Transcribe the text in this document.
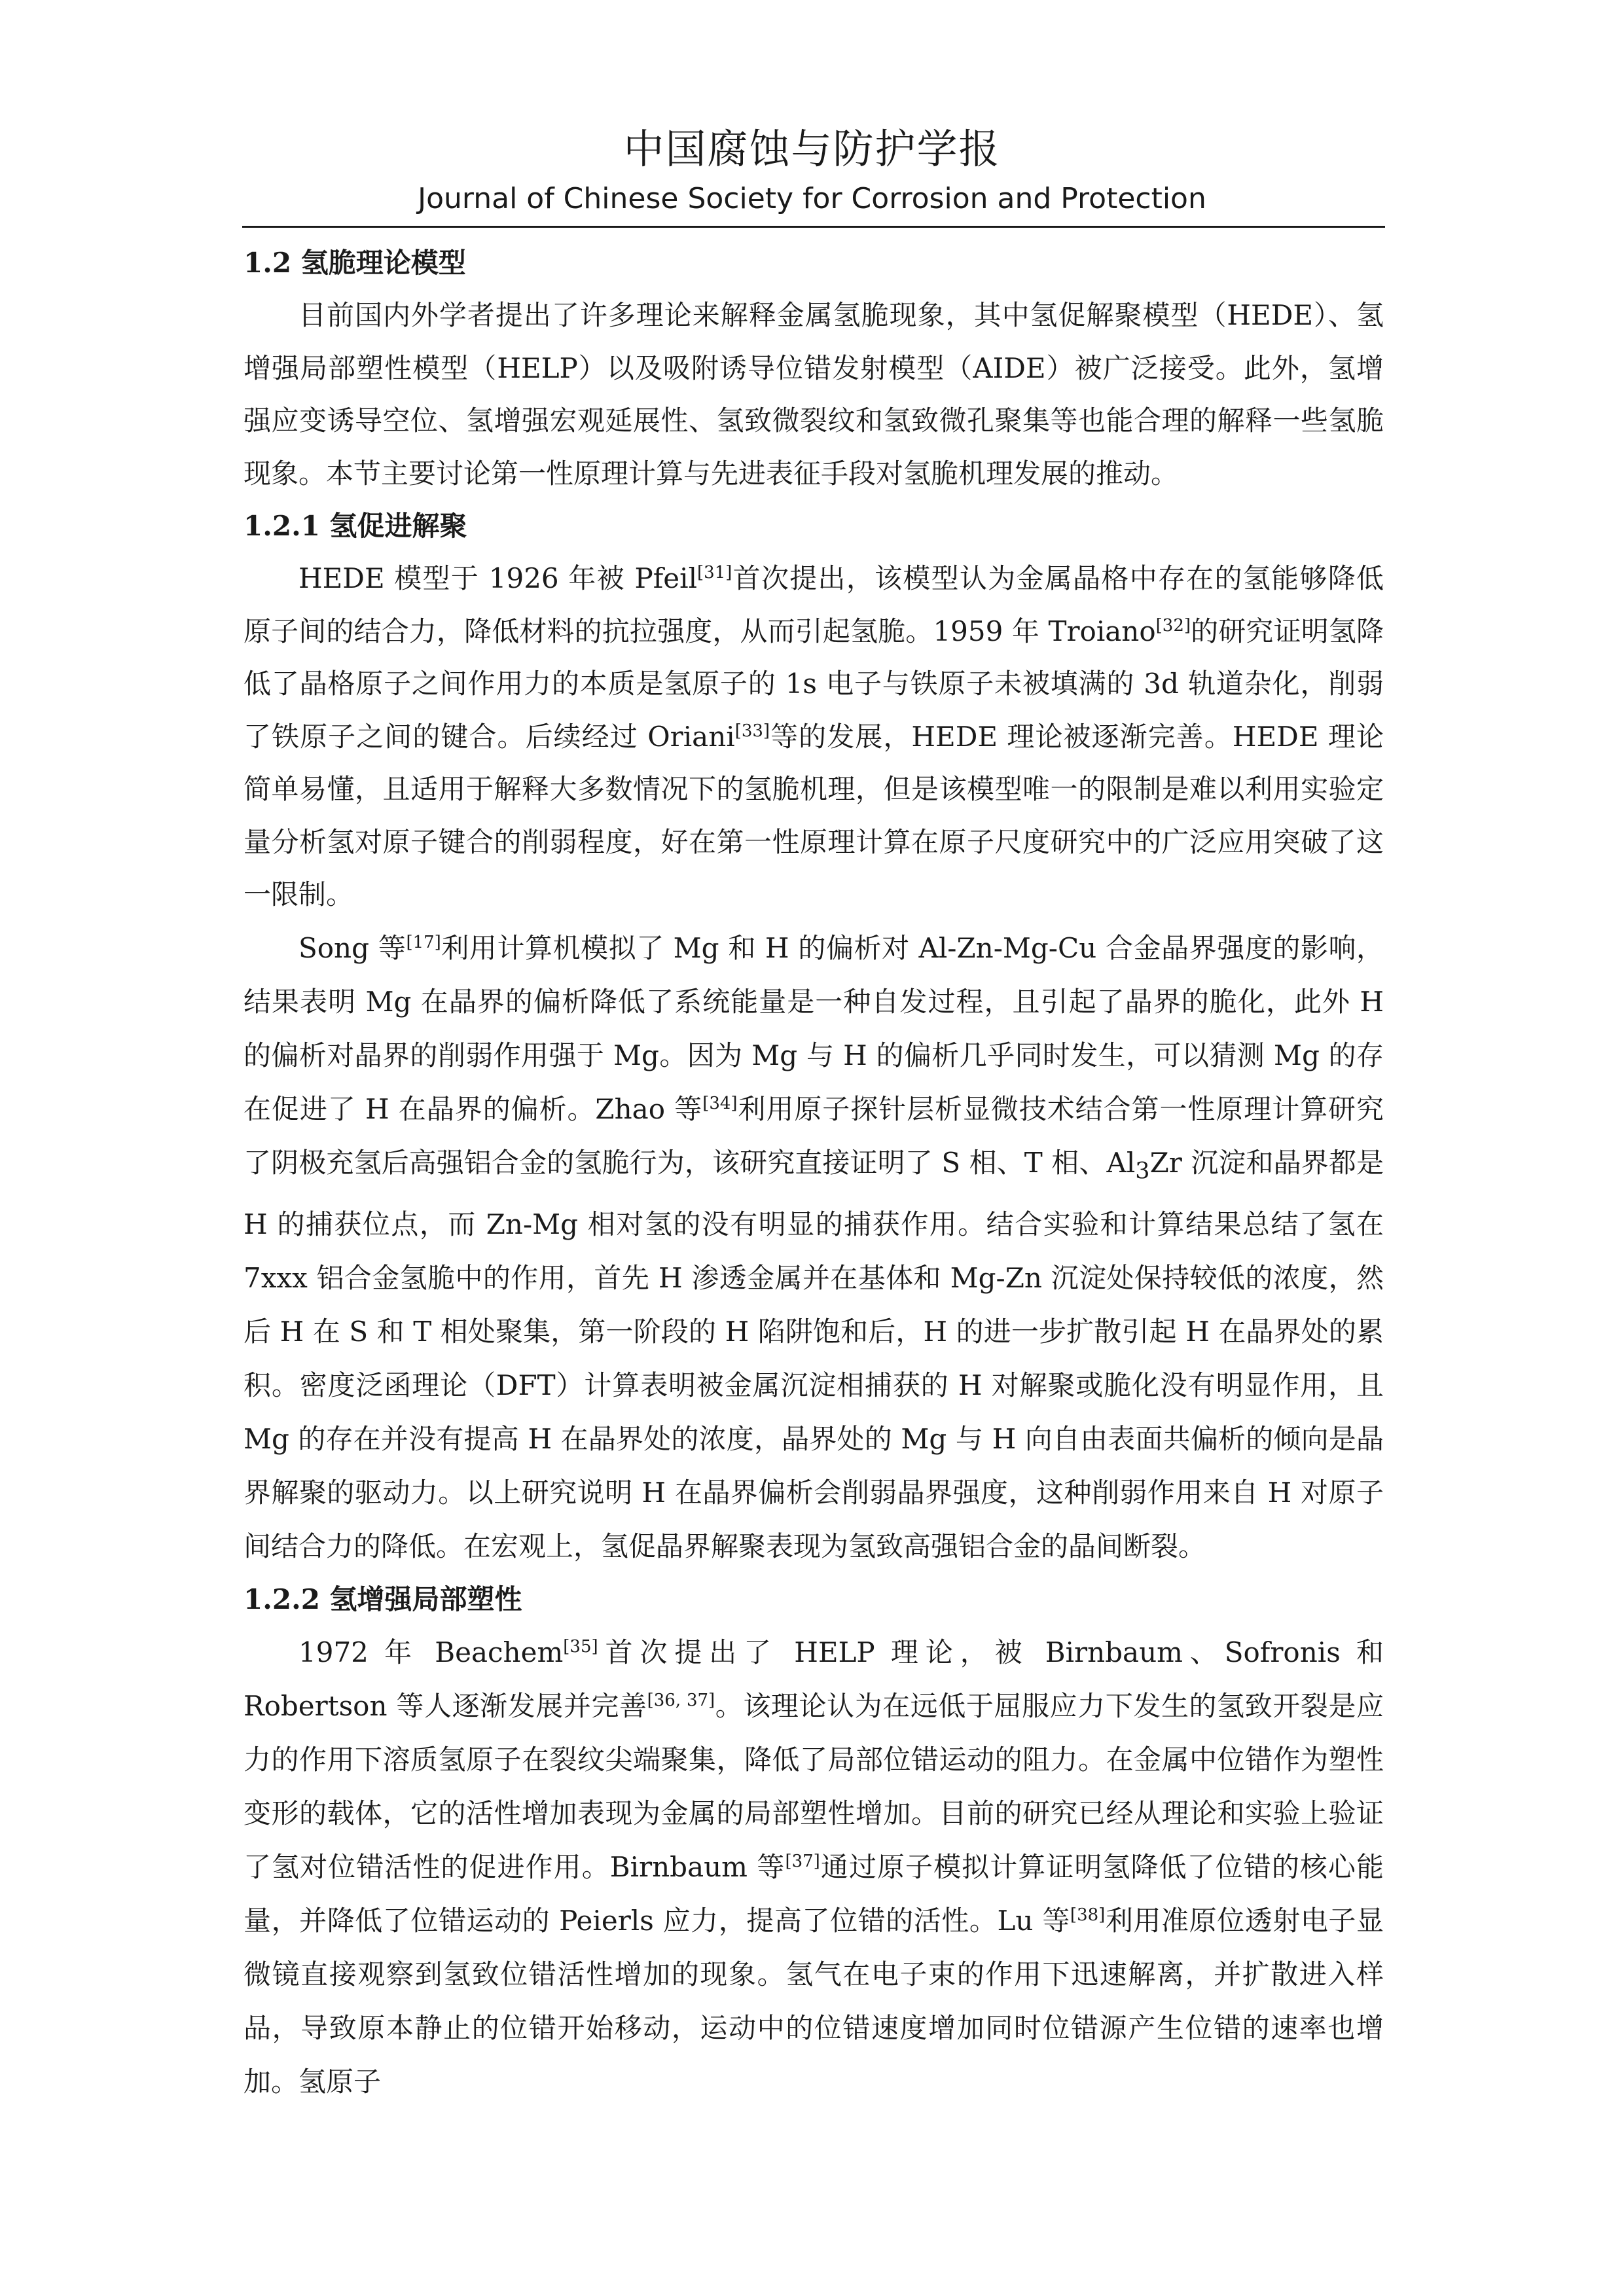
中国腐蚀与防护学报
Journal of Chinese Society for Corrosion and Protection
1.2 氢脆理论模型

目前国内外学者提出了许多理论来解释金属氢脆现象，其中氢促解聚模型（HEDE）、氢增强局部塑性模型（HELP）以及吸附诱导位错发射模型（AIDE）被广泛接受。此外，氢增强应变诱导空位、氢增强宏观延展性、氢致微裂纹和氢致微孔聚集等也能合理的解释一些氢脆现象。本节主要讨论第一性原理计算与先进表征手段对氢脆机理发展的推动。

1.2.1 氢促进解聚

HEDE 模型于 1926 年被 Pfeil[31]首次提出，该模型认为金属晶格中存在的氢能够降低原子间的结合力，降低材料的抗拉强度，从而引起氢脆。1959 年 Troiano[32]的研究证明氢降低了晶格原子之间作用力的本质是氢原子的 1s 电子与铁原子未被填满的 3d 轨道杂化，削弱了铁原子之间的键合。后续经过 Oriani[33]等的发展，HEDE 理论被逐渐完善。HEDE 理论简单易懂，且适用于解释大多数情况下的氢脆机理，但是该模型唯一的限制是难以利用实验定量分析氢对原子键合的削弱程度，好在第一性原理计算在原子尺度研究中的广泛应用突破了这一限制。

Song 等[17]利用计算机模拟了 Mg 和 H 的偏析对 Al-Zn-Mg-Cu 合金晶界强度的影响，结果表明 Mg 在晶界的偏析降低了系统能量是一种自发过程，且引起了晶界的脆化，此外 H 的偏析对晶界的削弱作用强于 Mg。因为 Mg 与 H 的偏析几乎同时发生，可以猜测 Mg 的存在促进了 H 在晶界的偏析。Zhao 等[34]利用原子探针层析显微技术结合第一性原理计算研究了阴极充氢后高强铝合金的氢脆行为，该研究直接证明了 S 相、T 相、$Al_3Zr$ 沉淀和晶界都是 H 的捕获位点，而 Zn-Mg 相对氢的没有明显的捕获作用。结合实验和计算结果总结了氢在 7xxx 铝合金氢脆中的作用，首先 H 渗透金属并在基体和 Mg-Zn 沉淀处保持较低的浓度，然后 H 在 S 和 T 相处聚集，第一阶段的 H 陷阱饱和后，H 的进一步扩散引起 H 在晶界处的累积。密度泛函理论（DFT）计算表明被金属沉淀相捕获的 H 对解聚或脆化没有明显作用，且 Mg 的存在并没有提高 H 在晶界处的浓度，晶界处的 Mg 与 H 向自由表面共偏析的倾向是晶界解聚的驱动力。以上研究说明 H 在晶界偏析会削弱晶界强度，这种削弱作用来自 H 对原子间结合力的降低。在宏观上，氢促晶界解聚表现为氢致高强铝合金的晶间断裂。

1.2.2 氢增强局部塑性

1972 年 Beachem[35]首次提出了 HELP 理论，被 Birnbaum、Sofronis 和 Robertson 等人逐渐发展并完善[36, 37]。该理论认为在远低于屈服应力下发生的氢致开裂是应力的作用下溶质氢原子在裂纹尖端聚集，降低了局部位错运动的阻力。在金属中位错作为塑性变形的载体，它的活性增加表现为金属的局部塑性增加。目前的研究已经从理论和实验上验证了氢对位错活性的促进作用。Birnbaum 等[37]通过原子模拟计算证明氢降低了位错的核心能量，并降低了位错运动的 Peierls 应力，提高了位错的活性。Lu 等[38]利用准原位透射电子显微镜直接观察到氢致位错活性增加的现象。氢气在电子束的作用下迅速解离，并扩散进入样品，导致原本静止的位错开始移动，运动中的位错速度增加同时位错源产生位错的速率也增加。氢原子
